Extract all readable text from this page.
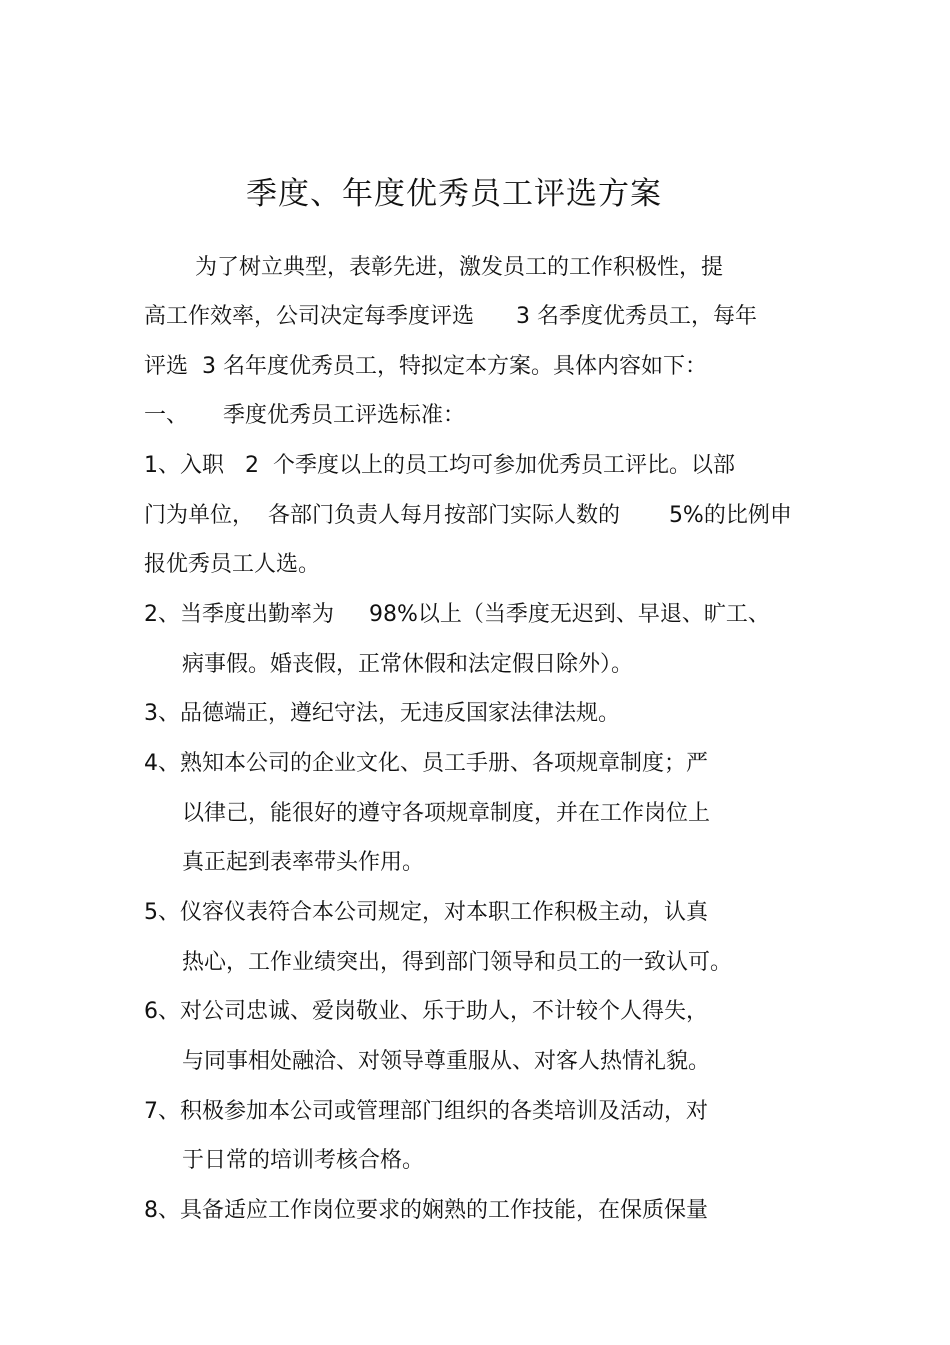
季度、年度优秀员工评选方案
为了树立典型，表彰先进，激发员工的工作积极性，提
高工作效率，公司决定每季度评选      3 名季度优秀员工，每年
评选  3 名年度优秀员工，特拟定本方案。具体内容如下：
一、     季度优秀员工评选标准：
1、入职   2  个季度以上的员工均可参加优秀员工评比。以部
门为单位，  各部门负责人每月按部门实际人数的       5%的比例申
报优秀员工人选。
2、当季度出勤率为     98%以上（当季度无迟到、早退、旷工、
病事假。婚丧假，正常休假和法定假日除外）。
3、品德端正，遵纪守法，无违反国家法律法规。
4、熟知本公司的企业文化、员工手册、各项规章制度；严
以律己，能很好的遵守各项规章制度，并在工作岗位上
真正起到表率带头作用。
5、仪容仪表符合本公司规定，对本职工作积极主动，认真
热心，工作业绩突出，得到部门领导和员工的一致认可。
6、对公司忠诚、爱岗敬业、乐于助人，不计较个人得失，
与同事相处融洽、对领导尊重服从、对客人热情礼貌。
7、积极参加本公司或管理部门组织的各类培训及活动，对
于日常的培训考核合格。
8、具备适应工作岗位要求的娴熟的工作技能，在保质保量
